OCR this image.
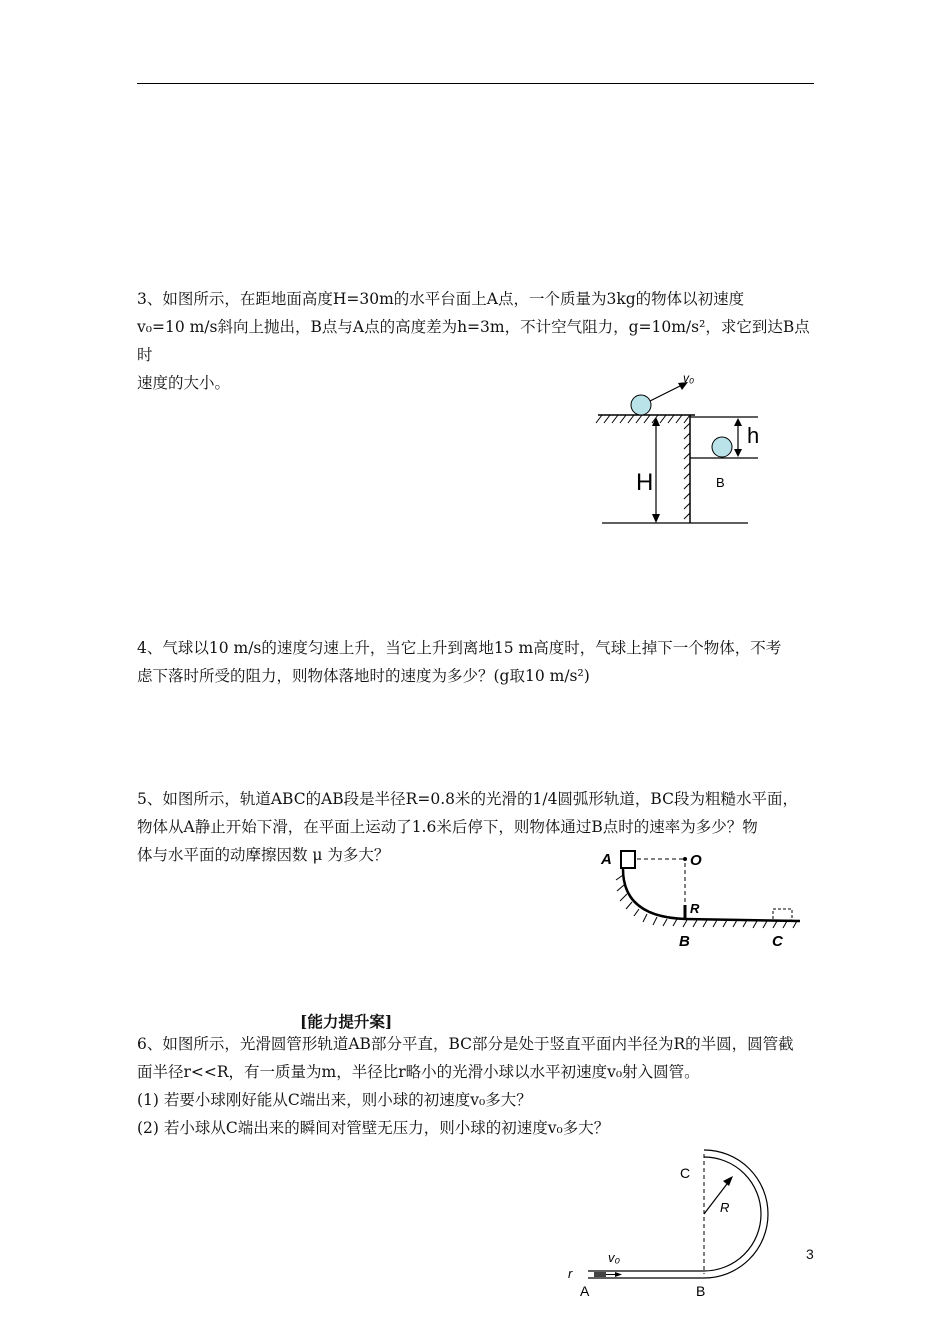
3、如图所示，在距地面高度H=30m的水平台面上A点，一个质量为3kg的物体以初速度
v₀=10 m/s斜向上抛出，B点与A点的高度差为h=3m，不计空气阻力，g=10m/s²，求它到达B点时
速度的大小。	v₀
H
h
B
4、气球以10 m/s的速度匀速上升，当它上升到离地15 m高度时，气球上掉下一个物体，不考
虑下落时所受的阻力，则物体落地时的速度为多少？(g取10 m/s²)
5、如图所示，轨道ABC的AB段是半径R=0.8米的光滑的1/4圆弧形轨道，BC段为粗糙水平面，
物体从A静止开始下滑，在平面上运动了1.6米后停下，则物体通过B点时的速率为多少？物
体与水平面的动摩擦因数 μ 为多大？	O
R
A
B	C
[能力提升案]
6、如图所示，光滑圆管形轨道AB部分平直，BC部分是处于竖直平面内半径为R的半圆，圆管截
面半径r<<R，有一质量为m，半径比r略小的光滑小球以水平初速度v₀射入圆管。
(1) 若要小球刚好能从C端出来，则小球的初速度v₀多大？
(2) 若小球从C端出来的瞬间对管壁无压力，则小球的初速度v₀多大？
R
C
v₀
r
A	B
3
